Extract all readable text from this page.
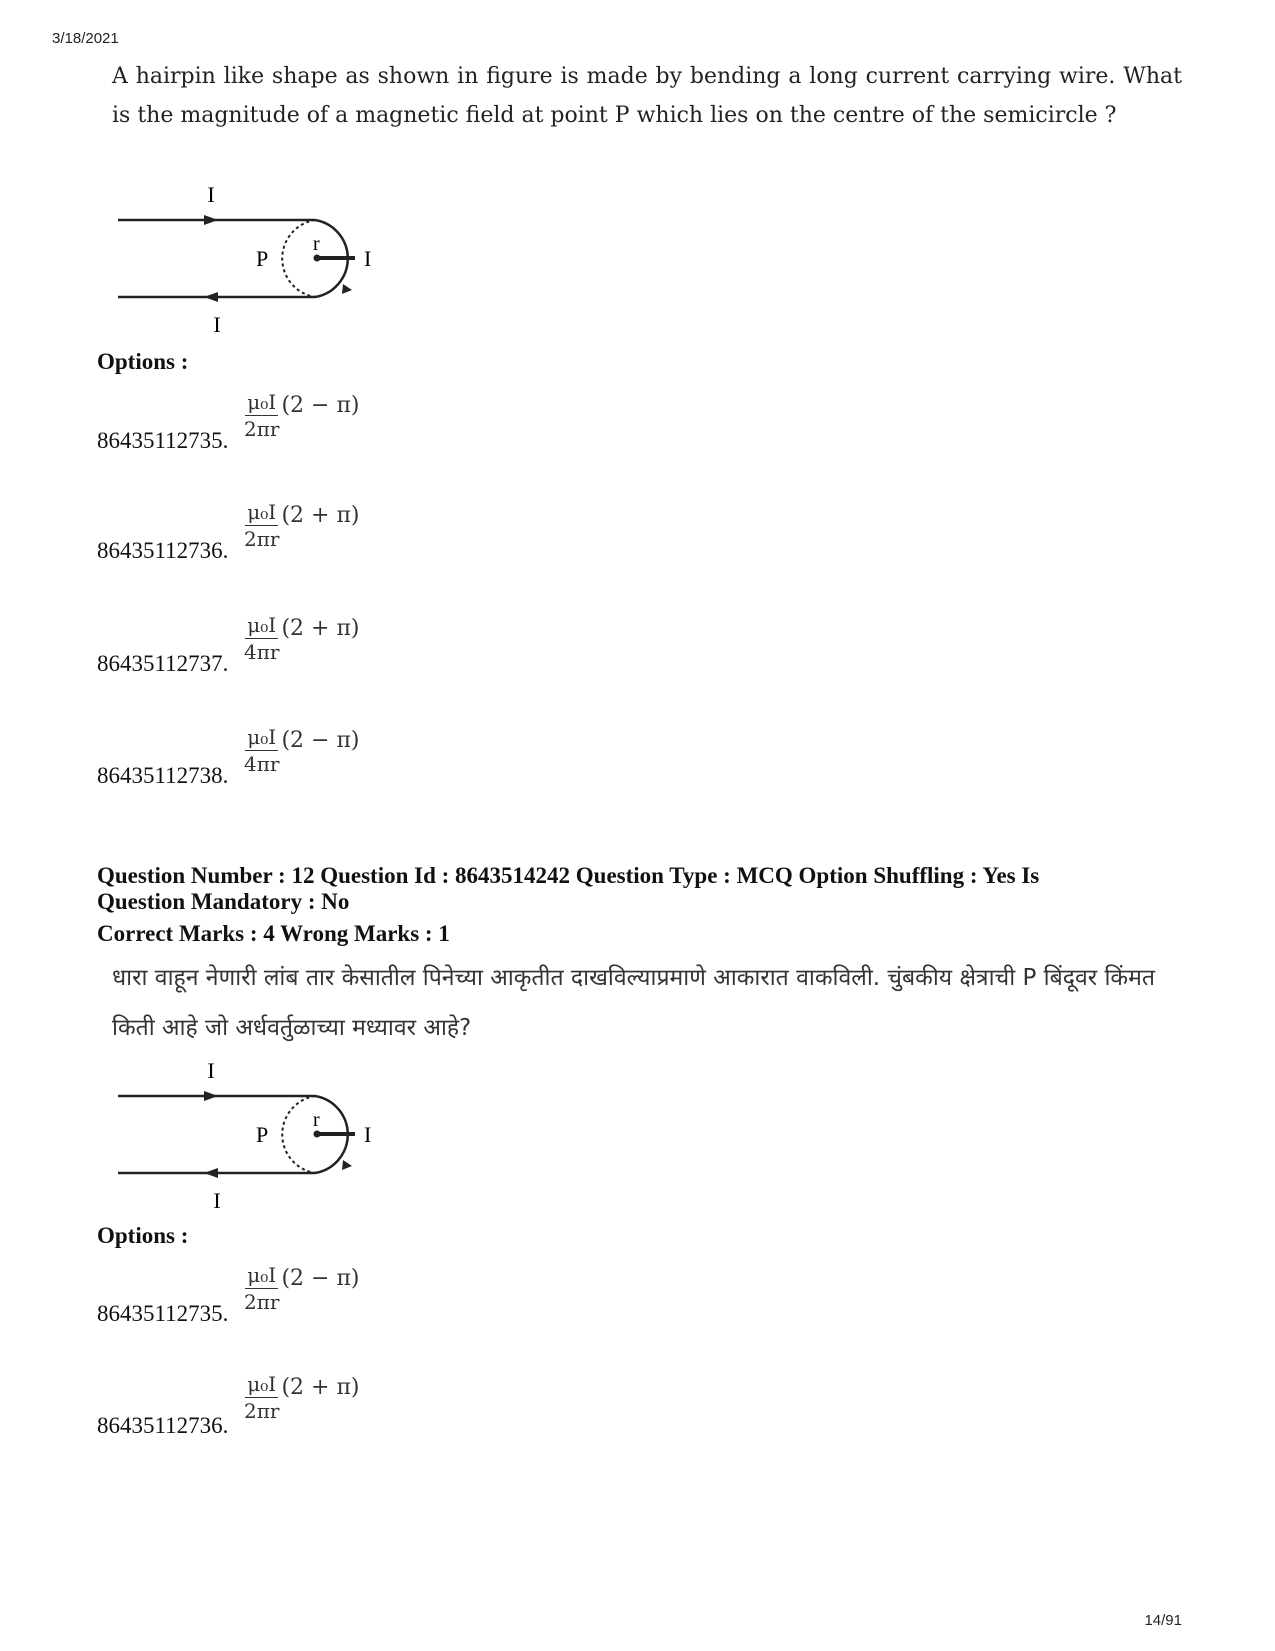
3/18/2021
A hairpin like shape as shown in figure is made by bending a long current carrying wire. What is the magnitude of a magnetic field at point P which lies on the centre of the semicircle ?
I
I
P
r
I
Options :
86435112735. $\frac{\text{μ₀I}}{2\pi r} (2 - \pi)$
86435112736. $\frac{\text{μ₀I}}{2\pi r} (2 + \pi)$
86435112737. $\frac{\text{μ₀I}}{4\pi r} (2 + \pi)$
86435112738. $\frac{\text{μ₀I}}{4\pi r} (2 - \pi)$
Question Number : 12 Question Id : 8643514242 Question Type : MCQ Option Shuffling : Yes Is
Question Mandatory : No
Correct Marks : 4 Wrong Marks : 1
धारा वाहून नेणारी लांब तार केसातील पिनेच्या आकृतीत दाखविल्याप्रमाणे आकारात वाकविली. चुंबकीय क्षेत्राची P बिंदूवर किंमत किती आहे जो अर्धवर्तुळाच्या मध्यावर आहे?
I
I
P
r
I
Options :
86435112735. $\frac{\text{μ₀I}}{2\pi r} (2 - \pi)$
86435112736.
$\frac{\text{μ₀I}}{2\pi r} (2 + \pi)$
14/91
